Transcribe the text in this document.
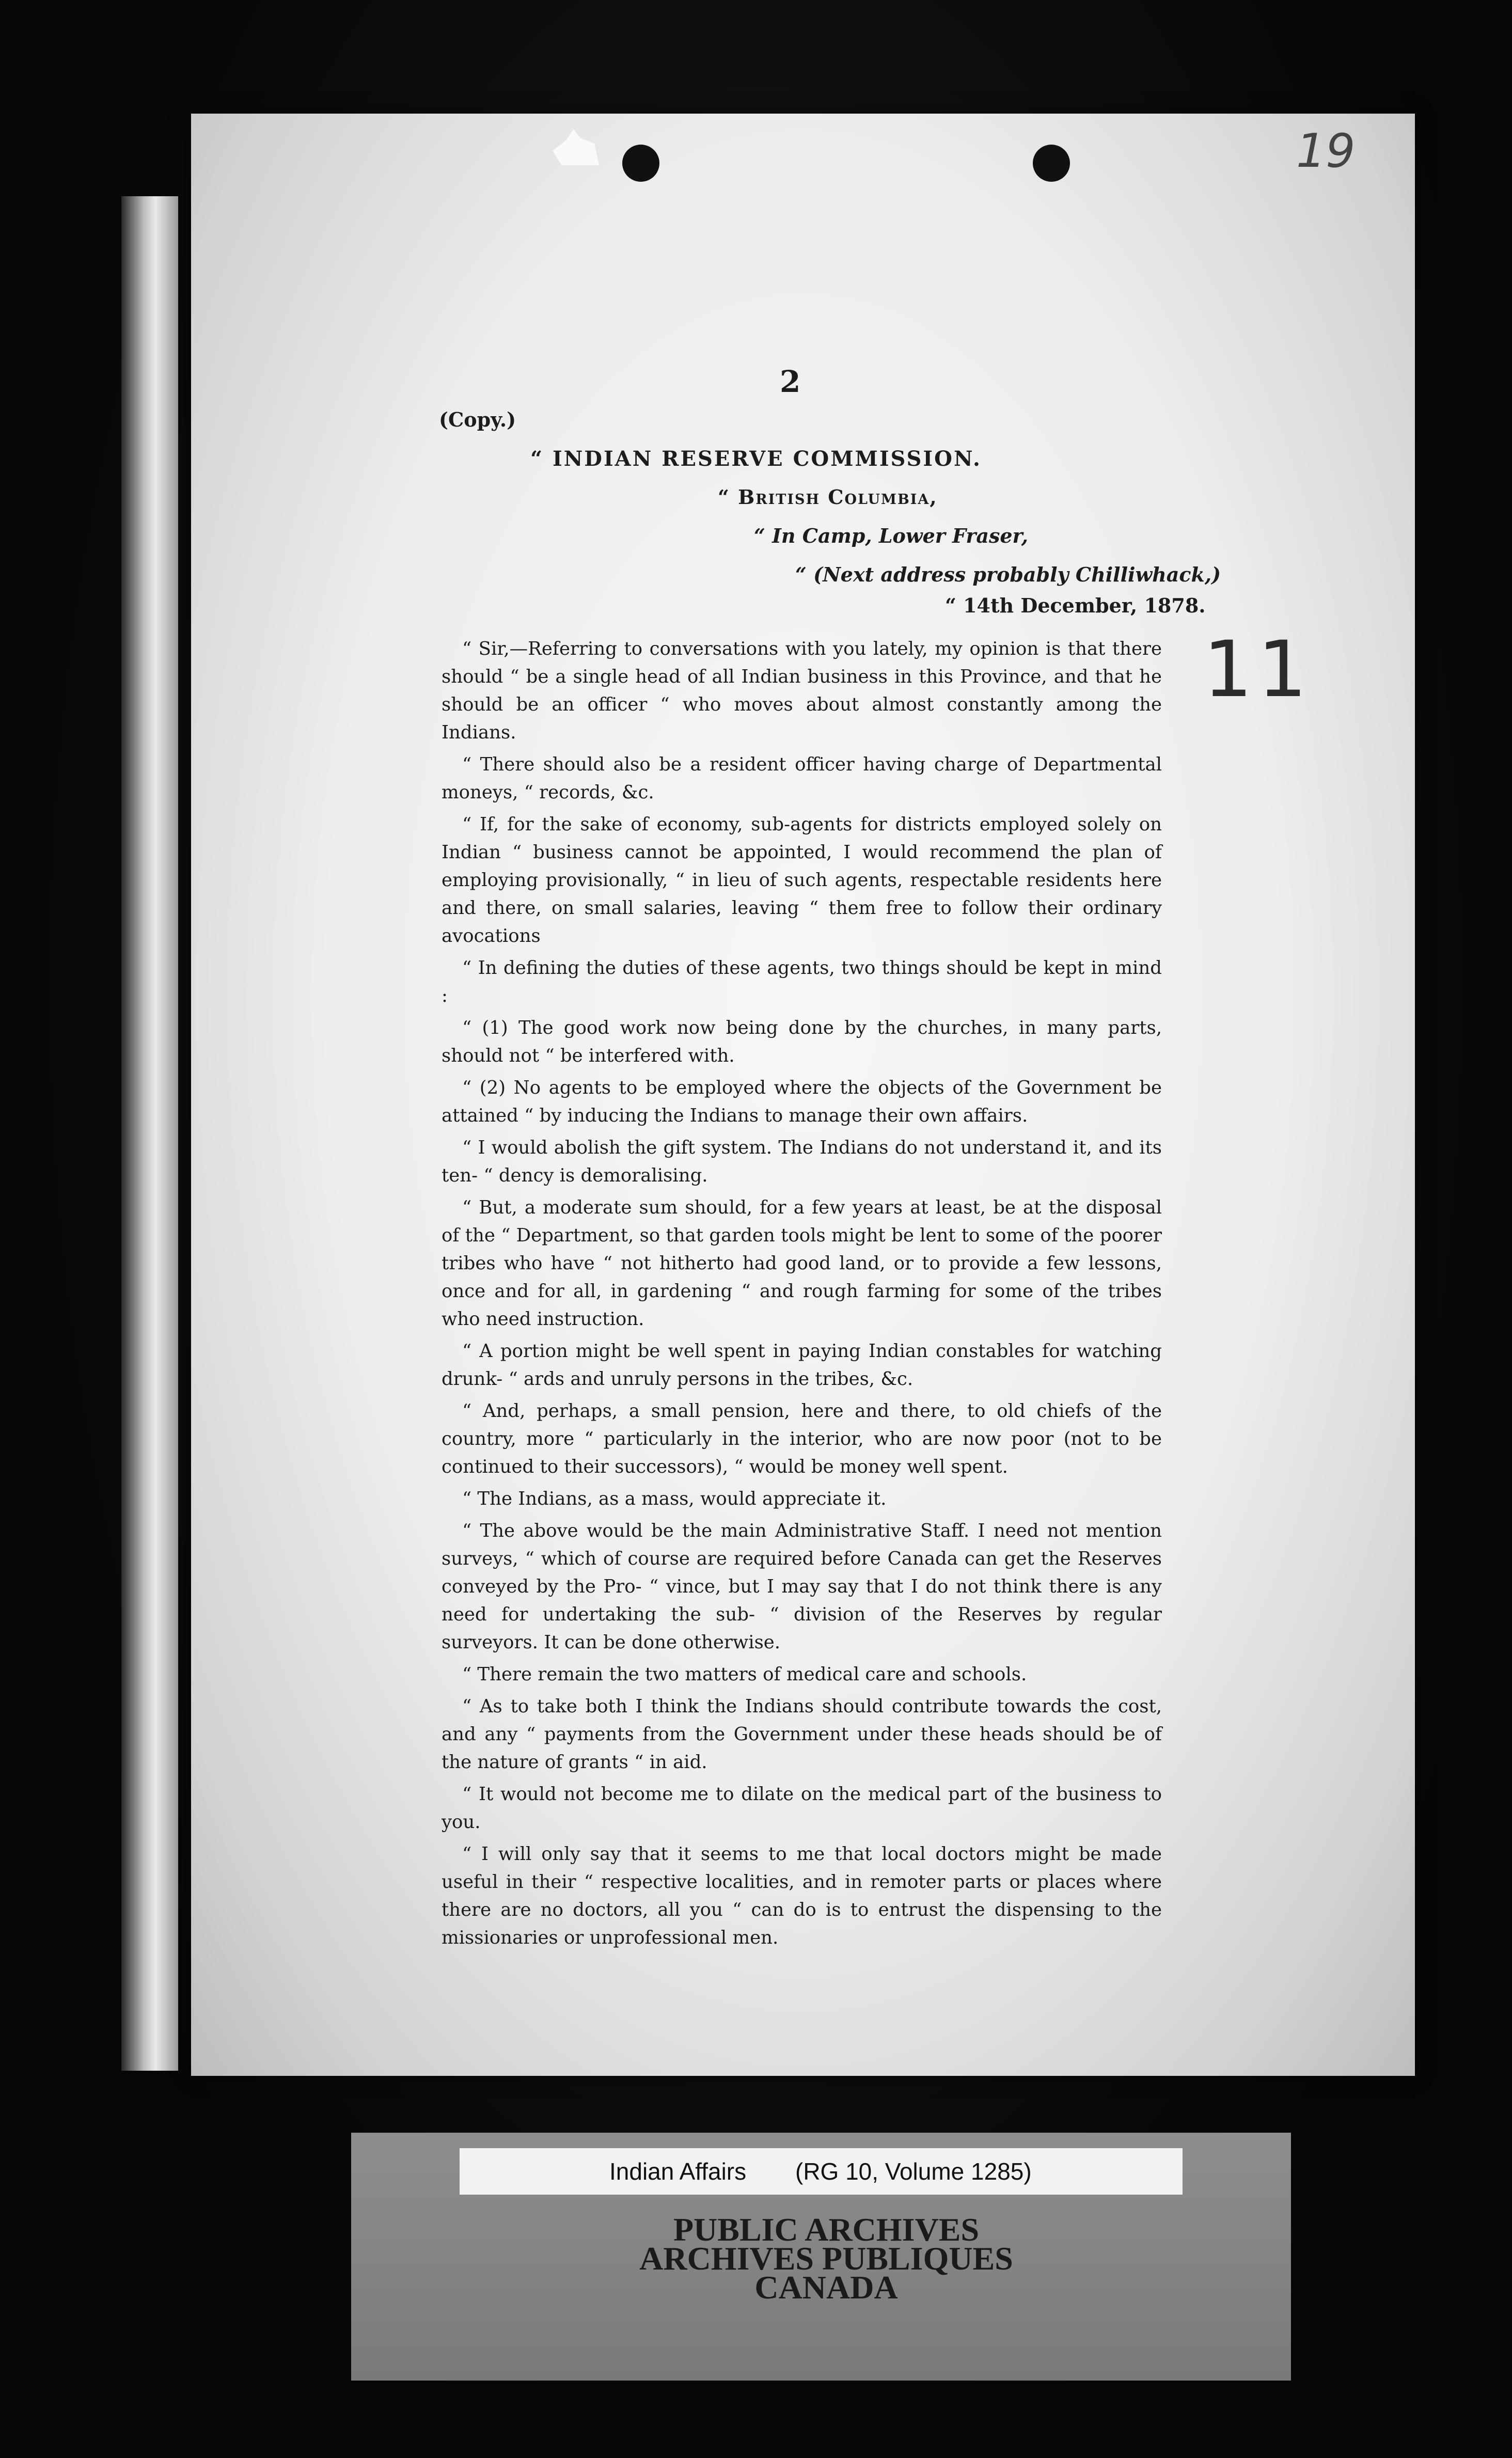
19
11
2
(Copy.)
“ INDIAN RESERVE COMMISSION.
“ British Columbia,
“ In Camp, Lower Fraser,
“ (Next address probably Chilliwhack,)
“ 14th December, 1878.

“ Sir,—Referring to conversations with you lately, my opinion is that there should “ be a single head of all Indian business in this Province, and that he should be an officer “ who moves about almost constantly among the Indians.

“ There should also be a resident officer having charge of Departmental moneys, “ records, &c.

“ If, for the sake of economy, sub-agents for districts employed solely on Indian “ business cannot be appointed, I would recommend the plan of employing provisionally, “ in lieu of such agents, respectable residents here and there, on small salaries, leaving “ them free to follow their ordinary avocations

“ In defining the duties of these agents, two things should be kept in mind :

“ (1) The good work now being done by the churches, in many parts, should not “ be interfered with.

“ (2) No agents to be employed where the objects of the Government be attained “ by inducing the Indians to manage their own affairs.

“ I would abolish the gift system. The Indians do not understand it, and its ten- “ dency is demoralising.

“ But, a moderate sum should, for a few years at least, be at the disposal of the “ Department, so that garden tools might be lent to some of the poorer tribes who have “ not hitherto had good land, or to provide a few lessons, once and for all, in gardening “ and rough farming for some of the tribes who need instruction.

“ A portion might be well spent in paying Indian constables for watching drunk- “ ards and unruly persons in the tribes, &c.

“ And, perhaps, a small pension, here and there, to old chiefs of the country, more “ particularly in the interior, who are now poor (not to be continued to their successors), “ would be money well spent.

“ The Indians, as a mass, would appreciate it.

“ The above would be the main Administrative Staff. I need not mention surveys, “ which of course are required before Canada can get the Reserves conveyed by the Pro- “ vince, but I may say that I do not think there is any need for undertaking the sub- “ division of the Reserves by regular surveyors. It can be done otherwise.

“ There remain the two matters of medical care and schools.

“ As to take both I think the Indians should contribute towards the cost, and any “ payments from the Government under these heads should be of the nature of grants “ in aid.

“ It would not become me to dilate on the medical part of the business to you.

“ I will only say that it seems to me that local doctors might be made useful in their “ respective localities, and in remoter parts or places where there are no doctors, all you “ can do is to entrust the dispensing to the missionaries or unprofessional men.

Indian Affairs (RG 10, Volume 1285)
PUBLIC ARCHIVES
ARCHIVES PUBLIQUES
CANADA
